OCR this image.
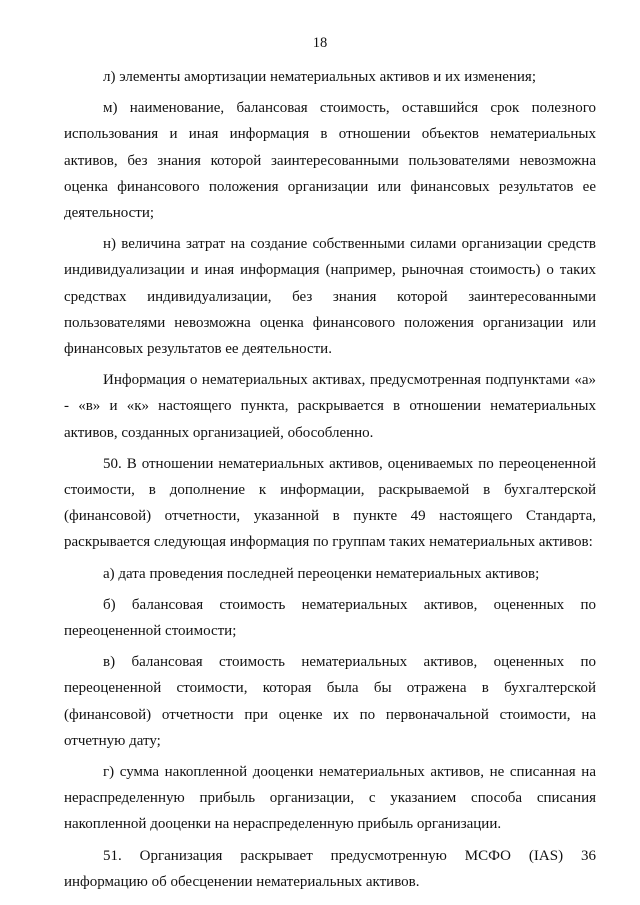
18

л) элементы амортизации нематериальных активов и их изменения;

м) наименование, балансовая стоимость, оставшийся срок полезного использования и иная информация в отношении объектов нематериальных активов, без знания которой заинтересованными пользователями невозможна оценка финансового положения организации или финансовых результатов ее деятельности;

н) величина затрат на создание собственными силами организации средств индивидуализации и иная информация (например, рыночная стоимость) о таких средствах индивидуализации, без знания которой заинтересованными пользователями невозможна оценка финансового положения организации или финансовых результатов ее деятельности.

Информация о нематериальных активах, предусмотренная подпунктами «а» - «в» и «к» настоящего пункта, раскрывается в отношении нематериальных активов, созданных организацией, обособленно.

50. В отношении нематериальных активов, оцениваемых по переоцененной стоимости, в дополнение к информации, раскрываемой в бухгалтерской (финансовой) отчетности, указанной в пункте 49 настоящего Стандарта, раскрывается следующая информация по группам таких нематериальных активов:

а) дата проведения последней переоценки нематериальных активов;

б) балансовая стоимость нематериальных активов, оцененных по переоцененной стоимости;

в) балансовая стоимость нематериальных активов, оцененных по переоцененной стоимости, которая была бы отражена в бухгалтерской (финансовой) отчетности при оценке их по первоначальной стоимости, на отчетную дату;

г) сумма накопленной дооценки нематериальных активов, не списанная на нераспределенную прибыль организации, с указанием способа списания накопленной дооценки на нераспределенную прибыль организации.

51. Организация раскрывает предусмотренную МСФО (IAS) 36 информацию об обесценении нематериальных активов.
